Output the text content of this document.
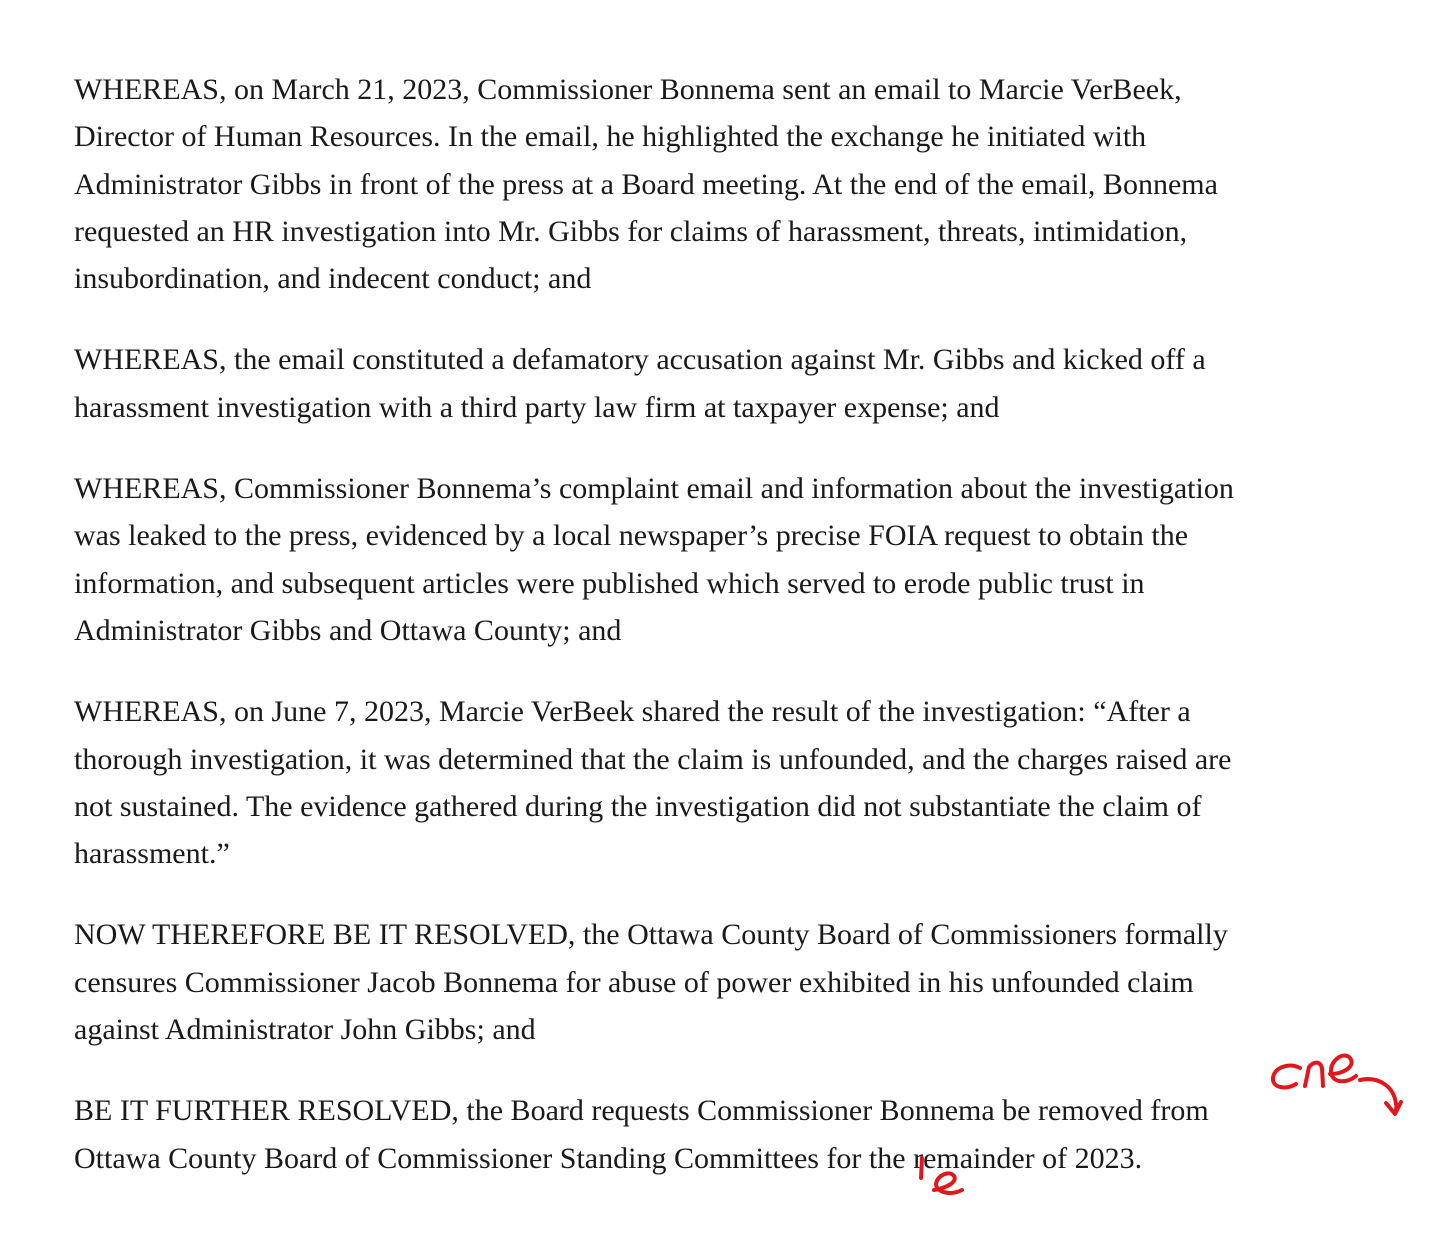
WHEREAS, on March 21, 2023, Commissioner Bonnema sent an email to Marcie VerBeek,
Director of Human Resources. In the email, he highlighted the exchange he initiated with
Administrator Gibbs in front of the press at a Board meeting. At the end of the email, Bonnema
requested an HR investigation into Mr. Gibbs for claims of harassment, threats, intimidation,
insubordination, and indecent conduct; and

WHEREAS, the email constituted a defamatory accusation against Mr. Gibbs and kicked off a
harassment investigation with a third party law firm at taxpayer expense; and

WHEREAS, Commissioner Bonnema’s complaint email and information about the investigation
was leaked to the press, evidenced by a local newspaper’s precise FOIA request to obtain the
information, and subsequent articles were published which served to erode public trust in
Administrator Gibbs and Ottawa County; and

WHEREAS, on June 7, 2023, Marcie VerBeek shared the result of the investigation: “After a
thorough investigation, it was determined that the claim is unfounded, and the charges raised are
not sustained. The evidence gathered during the investigation did not substantiate the claim of
harassment.”

NOW THEREFORE BE IT RESOLVED, the Ottawa County Board of Commissioners formally
censures Commissioner Jacob Bonnema for abuse of power exhibited in his unfounded claim
against Administrator John Gibbs; and

BE IT FURTHER RESOLVED, the Board requests Commissioner Bonnema be removed from
Ottawa County Board of Commissioner Standing Committees for the remainder of 2023.
